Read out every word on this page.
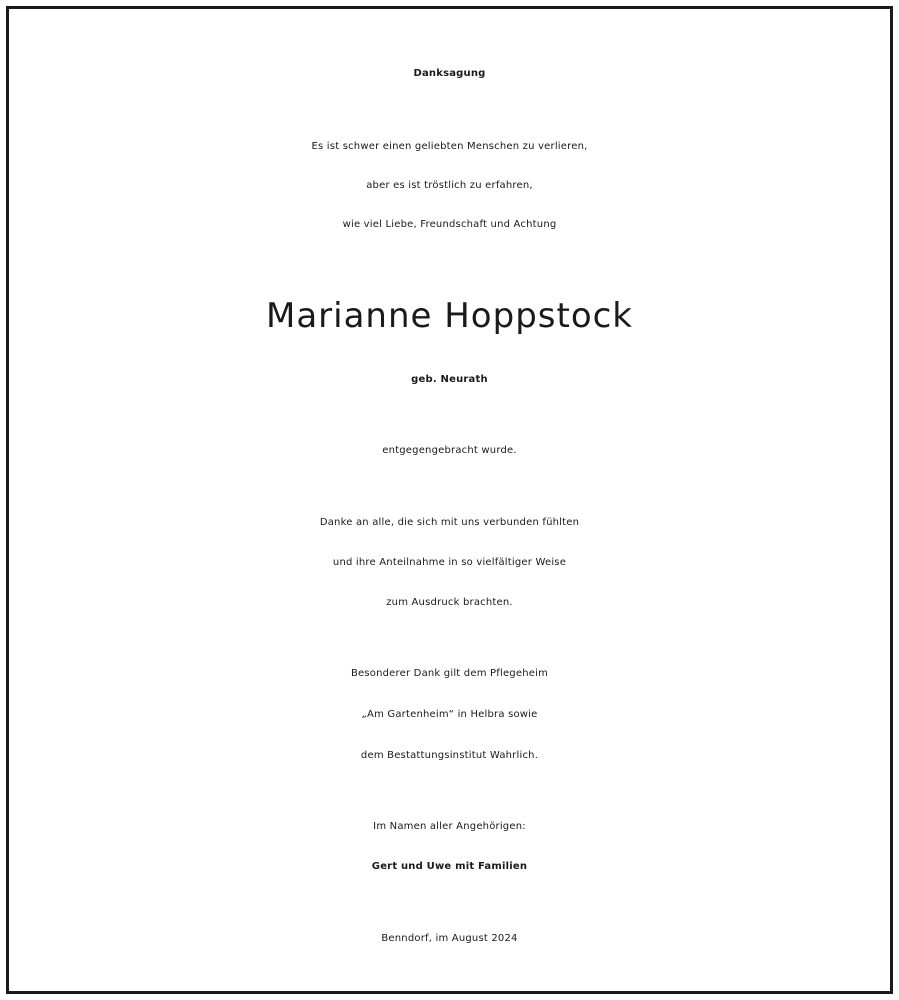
Danksagung
Es ist schwer einen geliebten Menschen zu verlieren,
aber es ist tröstlich zu erfahren,
wie viel Liebe, Freundschaft und Achtung
Marianne Hoppstock
geb. Neurath
entgegengebracht wurde.
Danke an alle, die sich mit uns verbunden fühlten
und ihre Anteilnahme in so vielfältiger Weise
zum Ausdruck brachten.
Besonderer Dank gilt dem Pflegeheim
„Am Gartenheim“ in Helbra sowie
dem Bestattungsinstitut Wahrlich.
Im Namen aller Angehörigen:
Gert und Uwe mit Familien
Benndorf, im August 2024
